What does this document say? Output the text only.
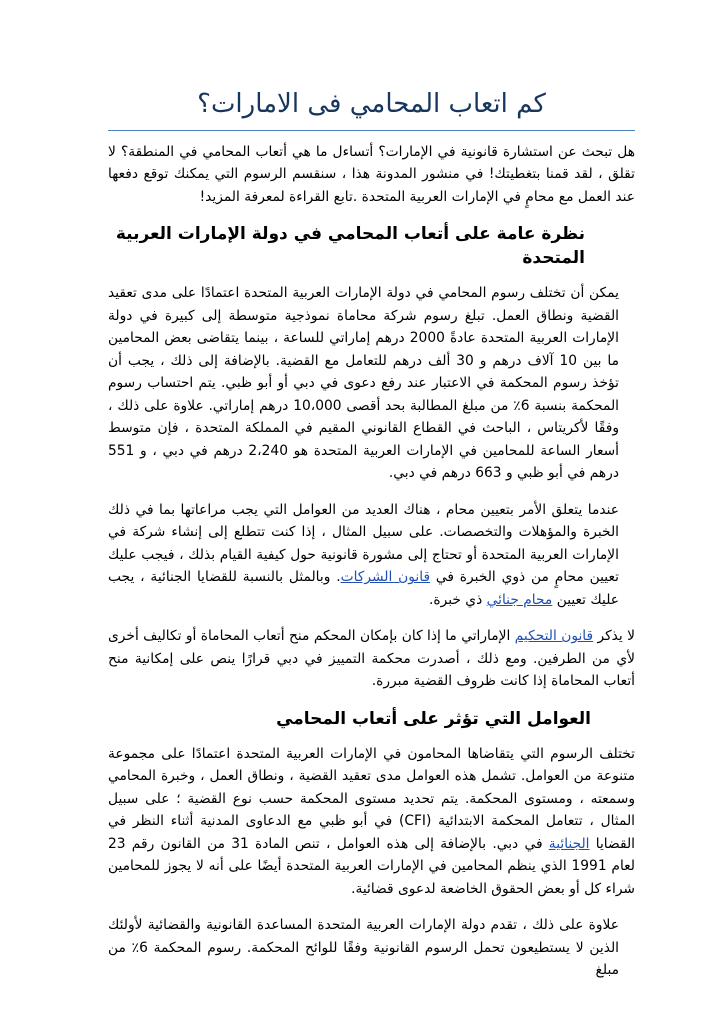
كم اتعاب المحامي فى الامارات؟

هل تبحث عن استشارة قانونية في الإمارات؟ أتساءل ما هي أتعاب المحامي في المنطقة؟ لا تقلق ، لقد قمنا بتغطيتك! في منشور المدونة هذا ، سنقسم الرسوم التي يمكنك توقع دفعها عند العمل مع محامٍ في الإمارات العربية المتحدة .تابع القراءة لمعرفة المزيد!

نظرة عامة على أتعاب المحامي في دولة الإمارات العربية المتحدة

يمكن أن تختلف رسوم المحامي في دولة الإمارات العربية المتحدة اعتمادًا على مدى تعقيد القضية ونطاق العمل. تبلغ رسوم شركة محاماة نموذجية متوسطة إلى كبيرة في دولة الإمارات العربية المتحدة عادةً 2000 درهم إماراتي للساعة ، بينما يتقاضى بعض المحامين ما بين 10 آلاف درهم و 30 ألف درهم للتعامل مع القضية. بالإضافة إلى ذلك ، يجب أن تؤخذ رسوم المحكمة في الاعتبار عند رفع دعوى في دبي أو أبو ظبي. يتم احتساب رسوم المحكمة بنسبة 6٪ من مبلغ المطالبة بحد أقصى 10،000 درهم إماراتي. علاوة على ذلك ، وفقًا لأكريتاس ، الباحث في القطاع القانوني المقيم في المملكة المتحدة ، فإن متوسط أسعار الساعة للمحامين في الإمارات العربية المتحدة هو 2،240 درهم في دبي ، و 551 درهم في أبو ظبي و 663 درهم في دبي.

عندما يتعلق الأمر بتعيين محام ، هناك العديد من العوامل التي يجب مراعاتها بما في ذلك الخبرة والمؤهلات والتخصصات. على سبيل المثال ، إذا كنت تتطلع إلى إنشاء شركة في الإمارات العربية المتحدة أو تحتاج إلى مشورة قانونية حول كيفية القيام بذلك ، فيجب عليك تعيين محامٍ من ذوي الخبرة في قانون الشركات. وبالمثل بالنسبة للقضايا الجنائية ، يجب عليك تعيين محام جنائي ذي خبرة.

لا يذكر قانون التحكيم الإماراتي ما إذا كان بإمكان المحكم منح أتعاب المحاماة أو تكاليف أخرى لأي من الطرفين. ومع ذلك ، أصدرت محكمة التمييز في دبي قرارًا ينص على إمكانية منح أتعاب المحاماة إذا كانت ظروف القضية مبررة.

العوامل التي تؤثر على أتعاب المحامي

تختلف الرسوم التي يتقاضاها المحامون في الإمارات العربية المتحدة اعتمادًا على مجموعة متنوعة من العوامل. تشمل هذه العوامل مدى تعقيد القضية ، ونطاق العمل ، وخبرة المحامي وسمعته ، ومستوى المحكمة. يتم تحديد مستوى المحكمة حسب نوع القضية ؛ على سبيل المثال ، تتعامل المحكمة الابتدائية (CFI) في أبو ظبي مع الدعاوى المدنية أثناء النظر في القضايا الجنائية في دبي. بالإضافة إلى هذه العوامل ، تنص المادة 31 من القانون رقم 23 لعام 1991 الذي ينظم المحامين في الإمارات العربية المتحدة أيضًا على أنه لا يجوز للمحامين شراء كل أو بعض الحقوق الخاضعة لدعوى قضائية.

علاوة على ذلك ، تقدم دولة الإمارات العربية المتحدة المساعدة القانونية والقضائية لأولئك الذين لا يستطيعون تحمل الرسوم القانونية وفقًا للوائح المحكمة. رسوم المحكمة 6٪ من مبلغ
